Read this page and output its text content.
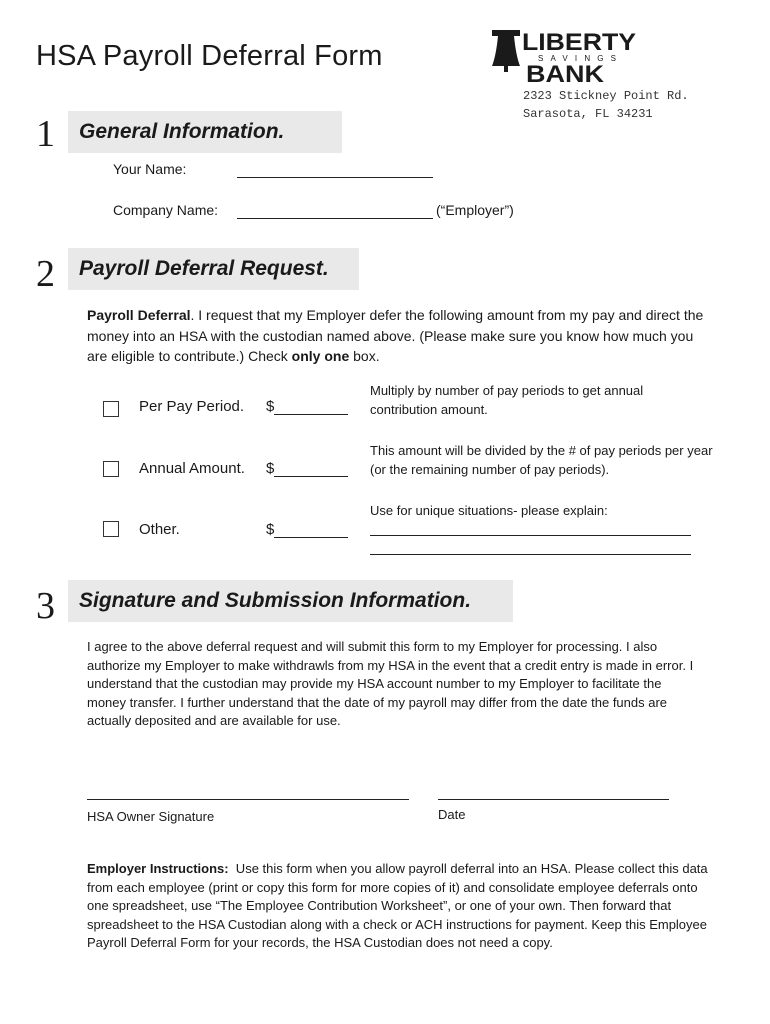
HSA Payroll Deferral Form	LIBERTY
SAVINGS
BANK
2323 Stickney Point Rd.
Sarasota, FL 34231
1	General Information.
Your Name:
Company Name:	(“Employer”)
2	Payroll Deferral Request.
Payroll Deferral. I request that my Employer defer the following amount from my pay and direct the money into an HSA with the custodian named above. (Please make sure you know how much you are eligible to contribute.) Check only one box.
Per Pay Period. $
Multiply by number of pay periods to get annual contribution amount.
Annual Amount. $
This amount will be divided by the # of pay periods per year (or the remaining number of pay periods).
Other.	$
Use for unique situations- please explain:
3	Signature and Submission Information.
I agree to the above deferral request and will submit this form to my Employer for processing. I also authorize my Employer to make withdrawls from my HSA in the event that a credit entry is made in error. I understand that the custodian may provide my HSA account number to my Employer to facilitate the money transfer. I further understand that the date of my payroll may differ from the date the funds are actually deposited and are available for use.
HSA Owner Signature	Date
Employer Instructions:  Use this form when you allow payroll deferral into an HSA. Please collect this data from each employee (print or copy this form for more copies of it) and consolidate employee deferrals onto one spreadsheet, use “The Employee Contribution Worksheet”, or one of your own. Then forward that spreadsheet to the HSA Custodian along with a check or ACH instructions for payment. Keep this Employee Payroll Deferral Form for your records, the HSA Custodian does not need a copy.
